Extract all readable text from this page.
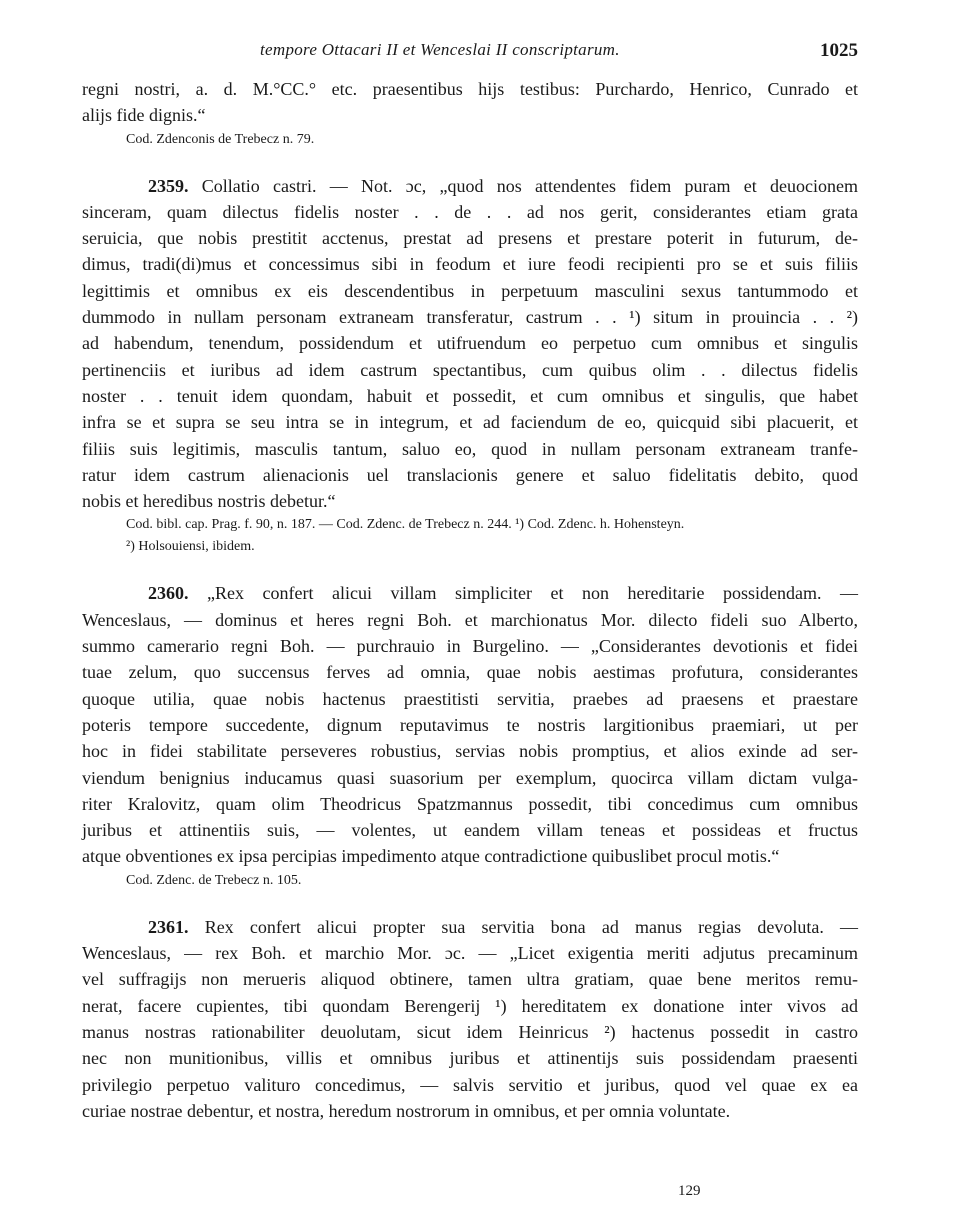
tempore Ottacari II et Wenceslai II conscriptarum.	1025
regni nostri, a. d. M.°CC.° etc. praesentibus hijs testibus: Purchardo, Henrico, Cunrado et
alijs fide dignis.“
Cod. Zdenconis de Trebecz n. 79.
2359. Collatio castri. — Not. ɔc, „quod nos attendentes fidem puram et deuocionem
sinceram, quam dilectus fidelis noster . . de . . ad nos gerit, considerantes etiam grata
seruicia, que nobis prestitit acctenus, prestat ad presens et prestare poterit in futurum, de-
dimus, tradi(di)mus et concessimus sibi in feodum et iure feodi recipienti pro se et suis filiis
legittimis et omnibus ex eis descendentibus in perpetuum masculini sexus tantummodo et
dummodo in nullam personam extraneam transferatur, castrum . . ¹) situm in prouincia . . ²)
ad habendum, tenendum, possidendum et utifruendum eo perpetuo cum omnibus et singulis
pertinenciis et iuribus ad idem castrum spectantibus, cum quibus olim . . dilectus fidelis
noster . . tenuit idem quondam, habuit et possedit, et cum omnibus et singulis, que habet
infra se et supra se seu intra se in integrum, et ad faciendum de eo, quicquid sibi placuerit, et
filiis suis legitimis, masculis tantum, saluo eo, quod in nullam personam extraneam tranfe-
ratur idem castrum alienacionis uel translacionis genere et saluo fidelitatis debito, quod
nobis et heredibus nostris debetur.“
Cod. bibl. cap. Prag. f. 90, n. 187. — Cod. Zdenc. de Trebecz n. 244. ¹) Cod. Zdenc. h. Hohensteyn.
²) Holsouiensi, ibidem.
2360. „Rex confert alicui villam simpliciter et non hereditarie possidendam. —
Wenceslaus, — dominus et heres regni Boh. et marchionatus Mor. dilecto fideli suo Alberto,
summo camerario regni Boh. — purchrauio in Burgelino. — „Considerantes devotionis et fidei
tuae zelum, quo succensus ferves ad omnia, quae nobis aestimas profutura, considerantes
quoque utilia, quae nobis hactenus praestitisti servitia, praebes ad praesens et praestare
poteris tempore succedente, dignum reputavimus te nostris largitionibus praemiari, ut per
hoc in fidei stabilitate perseveres robustius, servias nobis promptius, et alios exinde ad ser-
viendum benignius inducamus quasi suasorium per exemplum, quocirca villam dictam vulga-
riter Kralovitz, quam olim Theodricus Spatzmannus possedit, tibi concedimus cum omnibus
juribus et attinentiis suis, — volentes, ut eandem villam teneas et possideas et fructus
atque obventiones ex ipsa percipias impedimento atque contradictione quibuslibet procul motis.“
Cod. Zdenc. de Trebecz n. 105.
2361. Rex confert alicui propter sua servitia bona ad manus regias devoluta. —
Wenceslaus, — rex Boh. et marchio Mor. ɔc. — „Licet exigentia meriti adjutus precaminum
vel suffragijs non merueris aliquod obtinere, tamen ultra gratiam, quae bene meritos remu-
nerat, facere cupientes, tibi quondam Berengerij ¹) hereditatem ex donatione inter vivos ad
manus nostras rationabiliter deuolutam, sicut idem Heinricus ²) hactenus possedit in castro
nec non munitionibus, villis et omnibus juribus et attinentijs suis possidendam praesenti
privilegio perpetuo valituro concedimus, — salvis servitio et juribus, quod vel quae ex ea
curiae nostrae debentur, et nostra, heredum nostrorum in omnibus, et per omnia voluntate.
129
